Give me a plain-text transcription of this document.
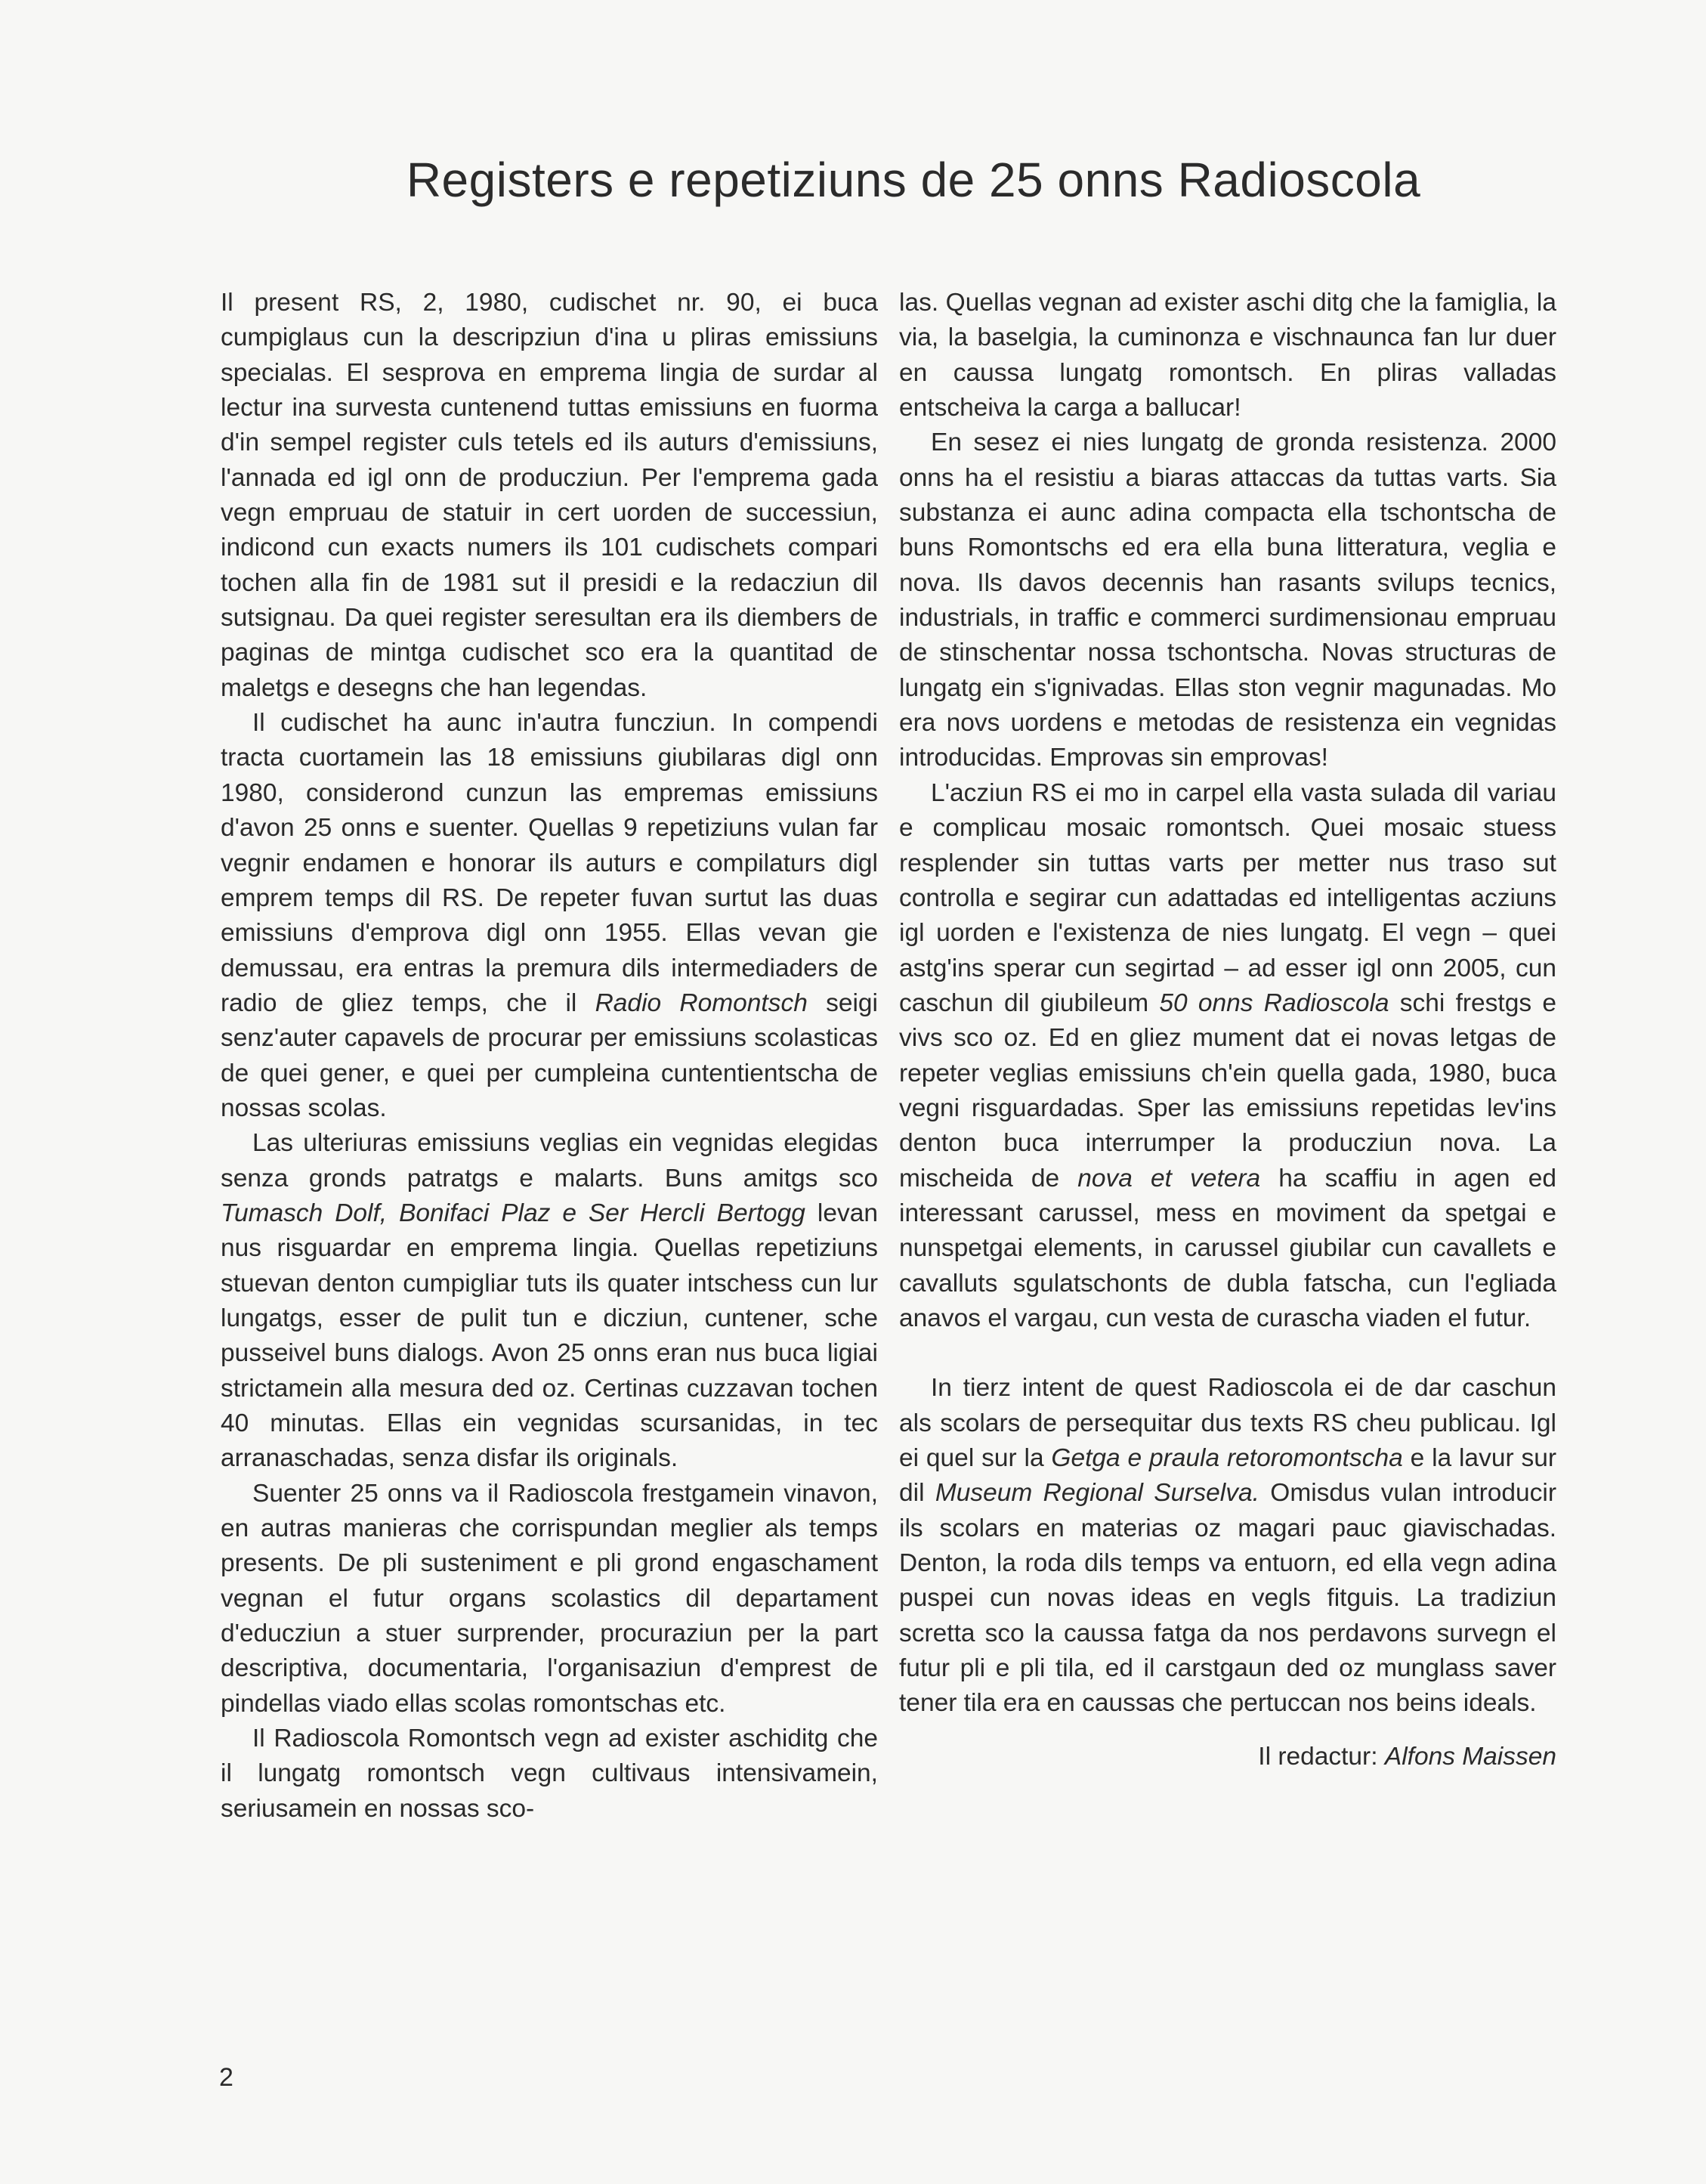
Registers e repetiziuns de 25 onns Radioscola

Il present RS, 2, 1980, cudischet nr. 90, ei buca cumpiglaus cun la descripziun d'ina u pliras emissiuns specialas. El sesprova en emprema lingia de surdar al lectur ina survesta cuntenend tuttas emissiuns en fuorma d'in sempel register culs tetels ed ils auturs d'emissiuns, l'annada ed igl onn de producziun. Per l'emprema gada vegn empruau de statuir in cert uorden de successiun, indicond cun exacts numers ils 101 cudischets compari tochen alla fin de 1981 sut il presidi e la redacziun dil sutsignau. Da quei register seresultan era ils diembers de paginas de mintga cudischet sco era la quantitad de maletgs e desegns che han legendas.

Il cudischet ha aunc in'autra funcziun. In compendi tracta cuortamein las 18 emissiuns giubilaras digl onn 1980, considerond cunzun las empremas emissiuns d'avon 25 onns e suenter. Quellas 9 repetiziuns vulan far vegnir endamen e honorar ils auturs e compilaturs digl emprem temps dil RS. De repeter fuvan surtut las duas emissiuns d'emprova digl onn 1955. Ellas vevan gie demussau, era entras la premura dils intermediaders de radio de gliez temps, che il Radio Romontsch seigi senz'auter capavels de procurar per emissiuns scolasticas de quei gener, e quei per cumpleina cuntentientscha de nossas scolas.

Las ulteriuras emissiuns veglias ein vegnidas elegidas senza gronds patratgs e malarts. Buns amitgs sco Tumasch Dolf, Bonifaci Plaz e Ser Hercli Bertogg levan nus risguardar en emprema lingia. Quellas repetiziuns stuevan denton cumpigliar tuts ils quater intschess cun lur lungatgs, esser de pulit tun e dicziun, cuntener, sche pusseivel buns dialogs. Avon 25 onns eran nus buca ligiai strictamein alla mesura ded oz. Certinas cuzzavan tochen 40 minutas. Ellas ein vegnidas scursanidas, in tec arranaschadas, senza disfar ils originals.

Suenter 25 onns va il Radioscola frestgamein vinavon, en autras manieras che corrispundan meglier als temps presents. De pli susteniment e pli grond engaschament vegnan el futur organs scolastics dil departament d'educziun a stuer surprender, procuraziun per la part descriptiva, documentaria, l'organisaziun d'emprest de pindellas viado ellas scolas romontschas etc.

Il Radioscola Romontsch vegn ad exister aschiditg che il lungatg romontsch vegn cultivaus intensivamein, seriusamein en nossas sco-

las. Quellas vegnan ad exister aschi ditg che la famiglia, la via, la baselgia, la cuminonza e vischnaunca fan lur duer en caussa lungatg romontsch. En pliras valladas entscheiva la carga a ballucar!

En sesez ei nies lungatg de gronda resistenza. 2000 onns ha el resistiu a biaras attaccas da tuttas varts. Sia substanza ei aunc adina compacta ella tschontscha de buns Romontschs ed era ella buna litteratura, veglia e nova. Ils davos decennis han rasants svilups tecnics, industrials, in traffic e commerci surdimensionau empruau de stinschentar nossa tschontscha. Novas structuras de lungatg ein s'ignivadas. Ellas ston vegnir magunadas. Mo era novs uordens e metodas de resistenza ein vegnidas introducidas. Emprovas sin emprovas!

L'acziun RS ei mo in carpel ella vasta sulada dil variau e complicau mosaic romontsch. Quei mosaic stuess resplender sin tuttas varts per metter nus traso sut controlla e segirar cun adattadas ed intelligentas acziuns igl uorden e l'existenza de nies lungatg. El vegn – quei astg'ins sperar cun segirtad – ad esser igl onn 2005, cun caschun dil giubileum 50 onns Radioscola schi frestgs e vivs sco oz. Ed en gliez mument dat ei novas letgas de repeter veglias emissiuns ch'ein quella gada, 1980, buca vegni risguardadas. Sper las emissiuns repetidas lev'ins denton buca interrumper la producziun nova. La mischeida de nova et vetera ha scaffiu in agen ed interessant carussel, mess en moviment da spetgai e nunspetgai elements, in carussel giubilar cun cavallets e cavalluts sgulatschonts de dubla fatscha, cun l'egliada anavos el vargau, cun vesta de curascha viaden el futur.

In tierz intent de quest Radioscola ei de dar caschun als scolars de persequitar dus texts RS cheu publicau. Igl ei quel sur la Getga e praula retoromontscha e la lavur sur dil Museum Regional Surselva. Omisdus vulan introducir ils scolars en materias oz magari pauc giavischadas. Denton, la roda dils temps va entuorn, ed ella vegn adina puspei cun novas ideas en vegls fitguis. La tradiziun scretta sco la caussa fatga da nos perdavons survegn el futur pli e pli tila, ed il carstgaun ded oz munglass saver tener tila era en caussas che pertuccan nos beins ideals.

Il redactur: Alfons Maissen

2
